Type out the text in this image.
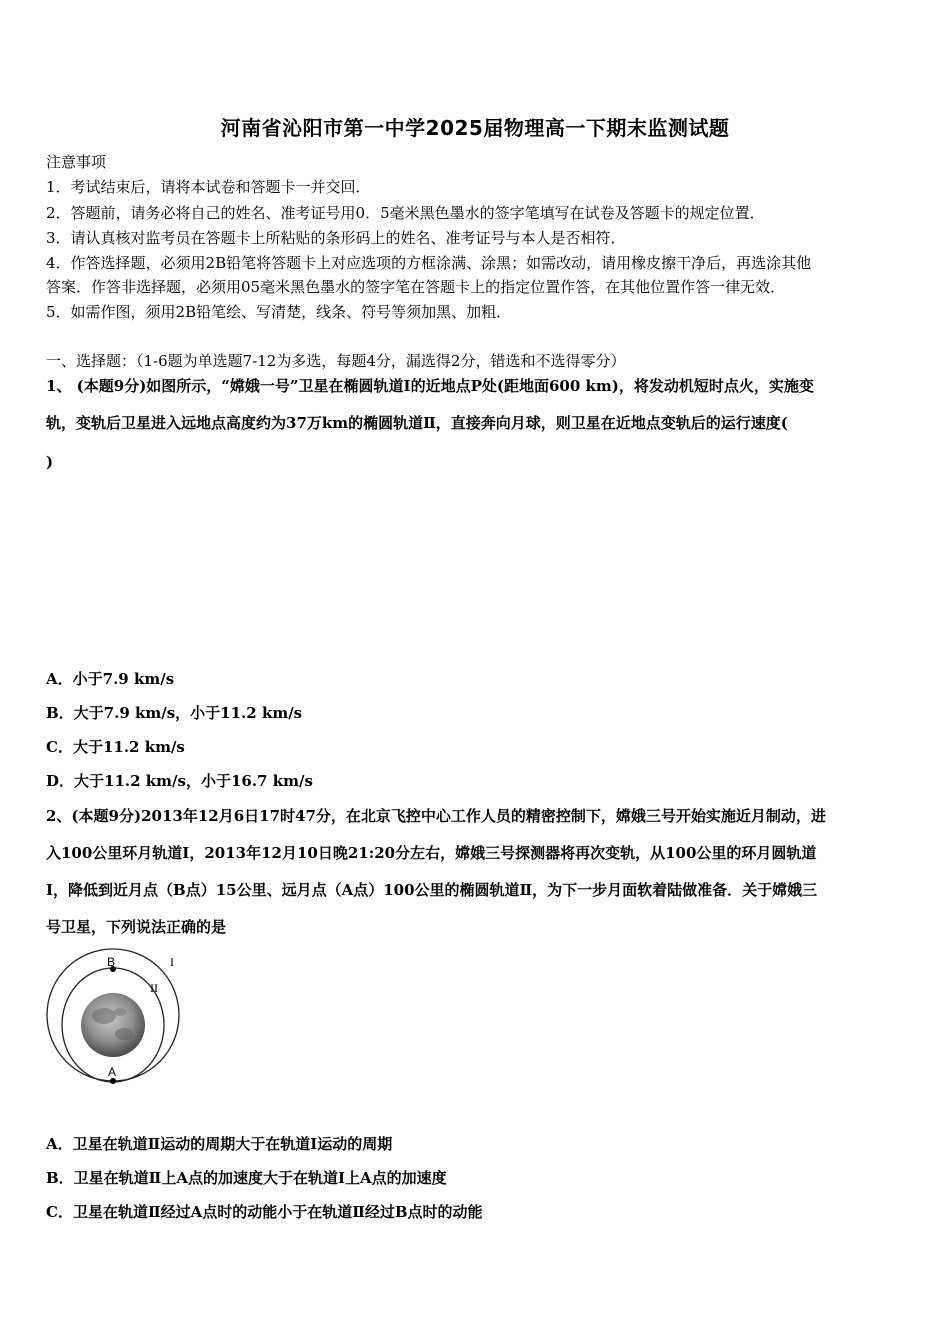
河南省沁阳市第一中学2025届物理高一下期末监测试题
注意事项
1．考试结束后，请将本试卷和答题卡一并交回．
2．答题前，请务必将自己的姓名、准考证号用0．5毫米黑色墨水的签字笔填写在试卷及答题卡的规定位置．
3．请认真核对监考员在答题卡上所粘贴的条形码上的姓名、准考证号与本人是否相符．
4．作答选择题，必须用2B铅笔将答题卡上对应选项的方框涂满、涂黑；如需改动，请用橡皮擦干净后，再选涂其他
答案．作答非选择题，必须用05毫米黑色墨水的签字笔在答题卡上的指定位置作答，在其他位置作答一律无效．
5．如需作图，须用2B铅笔绘、写清楚，线条、符号等须加黑、加粗．
一、选择题：（1-6题为单选题7-12为多选，每题4分，漏选得2分，错选和不选得零分）
1、 (本题9分)如图所示，“嫦娥一号”卫星在椭圆轨道Ⅰ的近地点P处(距地面600 km)，将发动机短时点火，实施变
轨，变轨后卫星进入远地点高度约为37万km的椭圆轨道Ⅱ，直接奔向月球，则卫星在近地点变轨后的运行速度(
)
A．小于7.9 km/s
B．大于7.9 km/s，小于11.2 km/s
C．大于11.2 km/s
D．大于11.2 km/s，小于16.7 km/s
2、(本题9分)2013年12月6日17时47分，在北京飞控中心工作人员的精密控制下，嫦娥三号开始实施近月制动，进
入100公里环月轨道Ⅰ，2013年12月10日晚21:20分左右，嫦娥三号探测器将再次变轨，从100公里的环月圆轨道
Ⅰ，降低到近月点（B点）15公里、远月点（A点）100公里的椭圆轨道Ⅱ，为下一步月面软着陆做准备．关于嫦娥三
号卫星，下列说法正确的是
B
A
I
II
A．卫星在轨道Ⅱ运动的周期大于在轨道Ⅰ运动的周期
B．卫星在轨道Ⅱ上A点的加速度大于在轨道Ⅰ上A点的加速度
C．卫星在轨道Ⅱ经过A点时的动能小于在轨道Ⅱ经过B点时的动能
